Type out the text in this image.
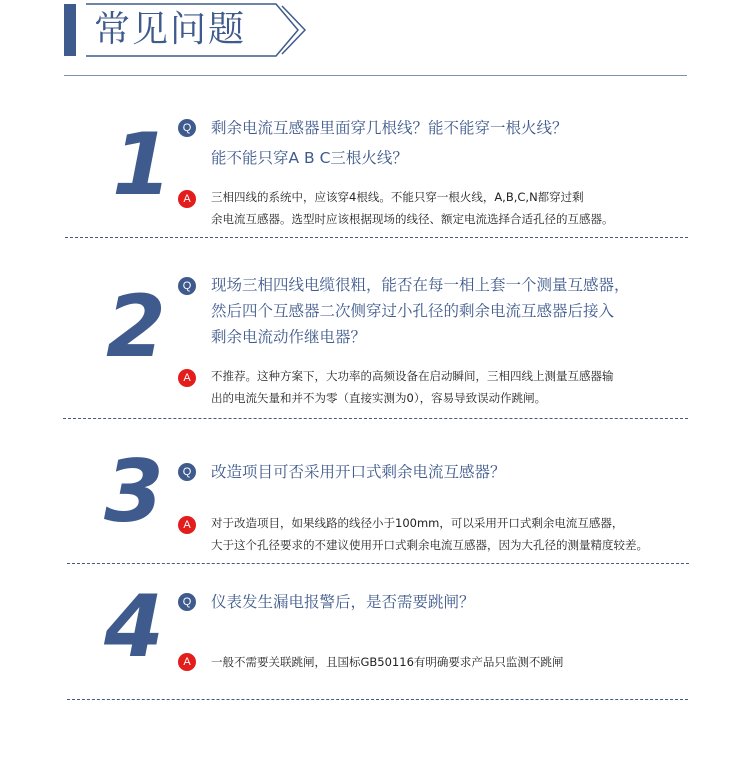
常见问题
1 Q	剩余电流互感器里面穿几根线？能不能穿一根火线？
能不能只穿A B C三根火线？
A	三相四线的系统中，应该穿4根线。不能只穿一根火线，A,B,C,N都穿过剩
余电流互感器。选型时应该根据现场的线径、额定电流选择合适孔径的互感器。
2	Q	现场三相四线电缆很粗，能否在每一相上套一个测量互感器，
然后四个互感器二次侧穿过小孔径的剩余电流互感器后接入
剩余电流动作继电器？
A	不推荐。这种方案下，大功率的高频设备在启动瞬间，三相四线上测量互感器输
出的电流矢量和并不为零（直接实测为0），容易导致误动作跳闸。
3	Q	改造项目可否采用开口式剩余电流互感器？
A	对于改造项目，如果线路的线径小于100mm，可以采用开口式剩余电流互感器，
大于这个孔径要求的不建议使用开口式剩余电流互感器，因为大孔径的测量精度较差。
4	Q	仪表发生漏电报警后，是否需要跳闸？
A	一般不需要关联跳闸，且国标GB50116有明确要求产品只监测不跳闸
